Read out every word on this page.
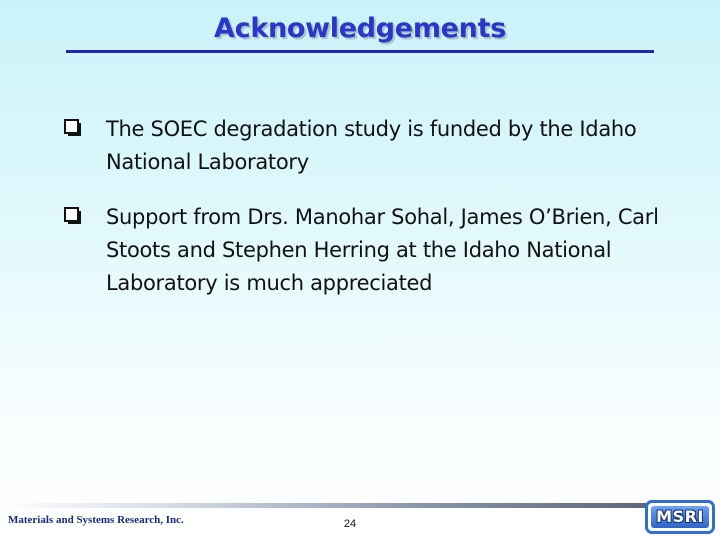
Acknowledgements
The SOEC degradation study is funded by the Idaho National Laboratory
Support from Drs. Manohar Sohal, James O’Brien, Carl Stoots and Stephen Herring at the Idaho National Laboratory is much appreciated
Materials and Systems Research, Inc.	24	MSRI
